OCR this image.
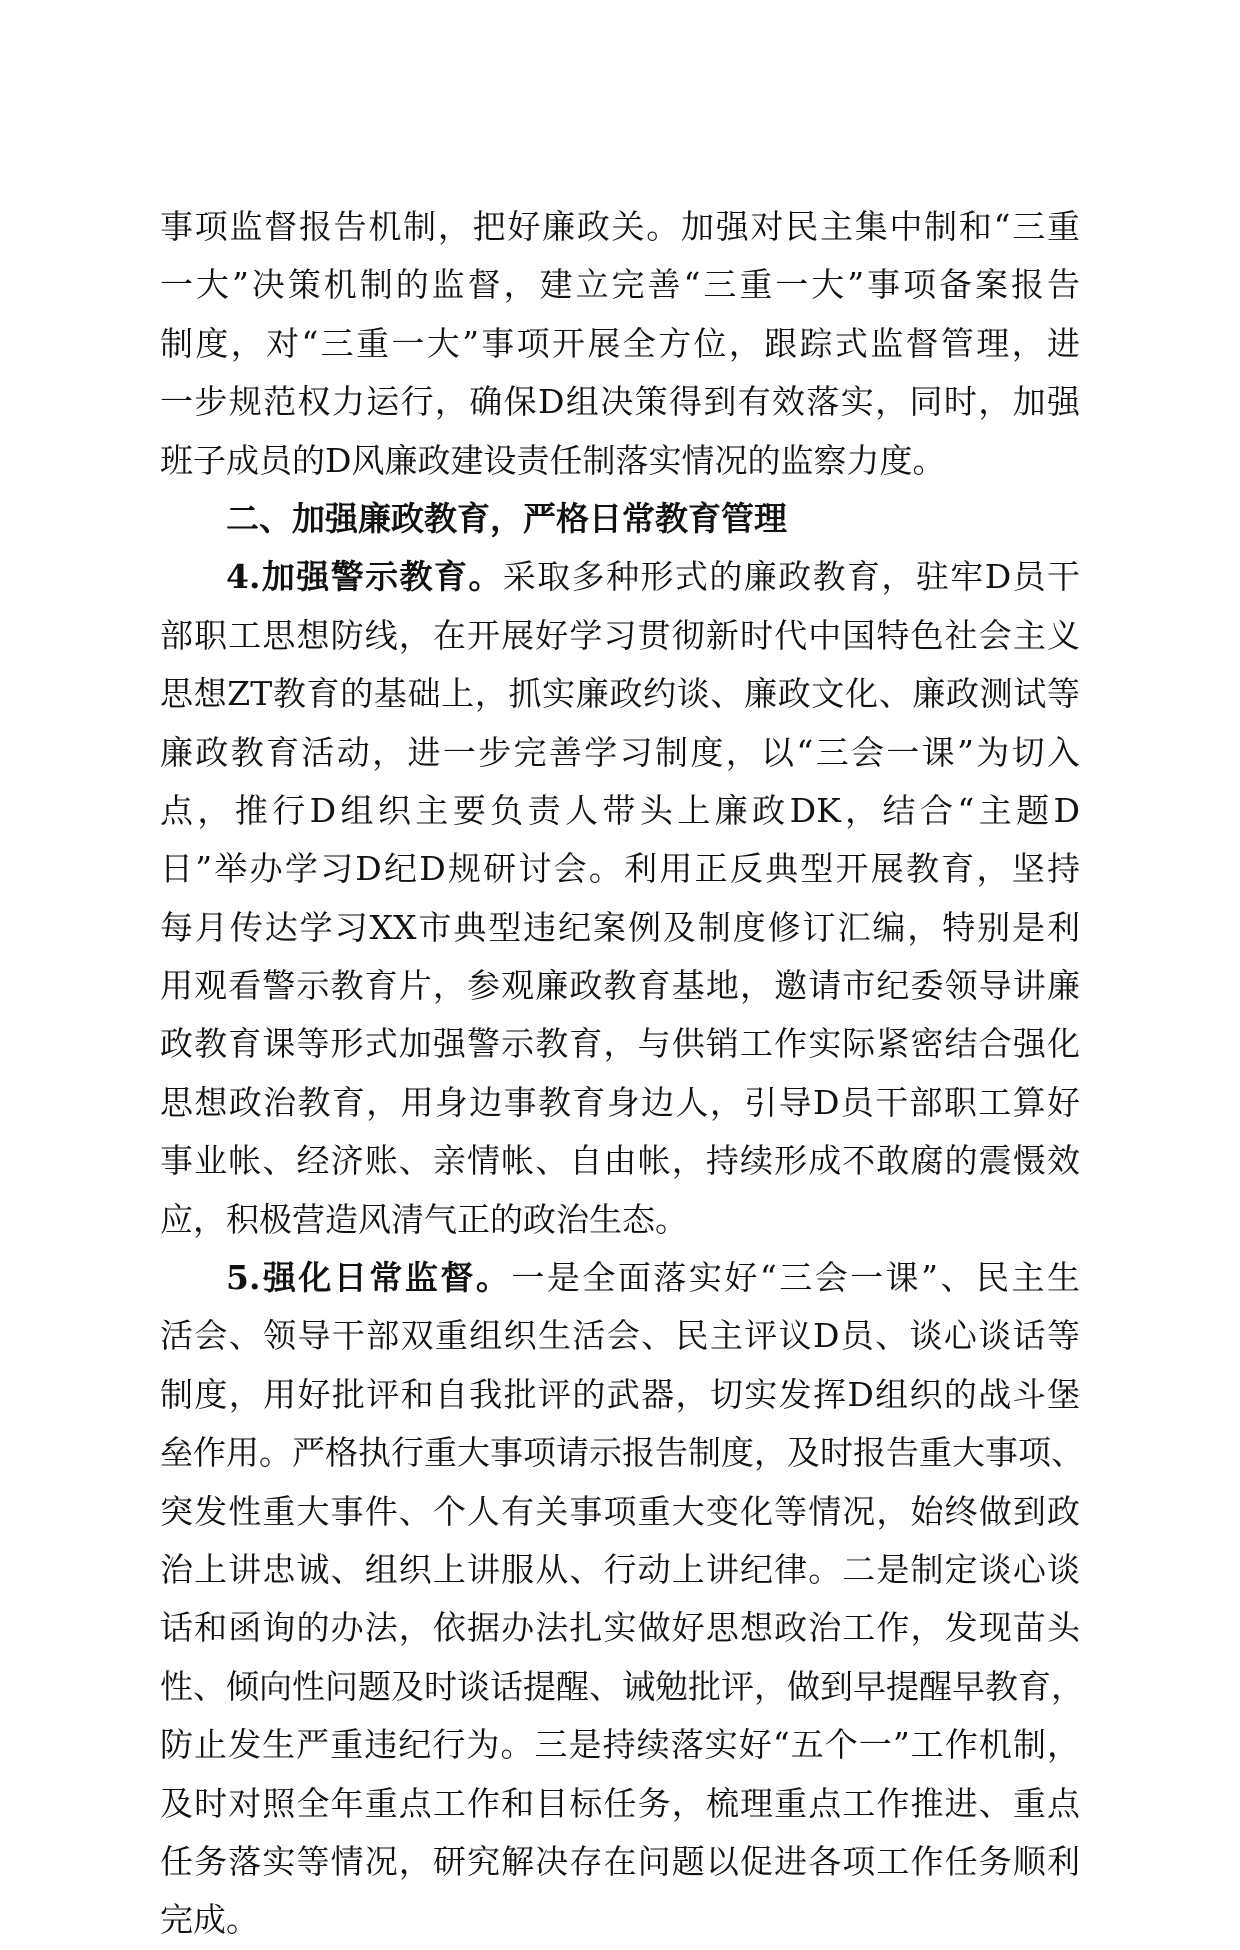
事项监督报告机制，把好廉政关。加强对民主集中制和“三重
一大”决策机制的监督，建立完善“三重一大”事项备案报告
制度，对“三重一大”事项开展全方位，跟踪式监督管理，进
一步规范权力运行，确保D组决策得到有效落实，同时，加强
班子成员的D风廉政建设责任制落实情况的监察力度。
二、加强廉政教育，严格日常教育管理
4.加强警示教育。采取多种形式的廉政教育，驻牢D员干
部职工思想防线，在开展好学习贯彻新时代中国特色社会主义
思想ZT教育的基础上，抓实廉政约谈、廉政文化、廉政测试等
廉政教育活动，进一步完善学习制度，以“三会一课”为切入
点，推行D组织主要负责人带头上廉政DK，结合“主题D
日”举办学习D纪D规研讨会。利用正反典型开展教育，坚持
每月传达学习XX市典型违纪案例及制度修订汇编，特别是利
用观看警示教育片，参观廉政教育基地，邀请市纪委领导讲廉
政教育课等形式加强警示教育，与供销工作实际紧密结合强化
思想政治教育，用身边事教育身边人，引导D员干部职工算好
事业帐、经济账、亲情帐、自由帐，持续形成不敢腐的震慑效
应，积极营造风清气正的政治生态。
5.强化日常监督。一是全面落实好“三会一课”、民主生
活会、领导干部双重组织生活会、民主评议D员、谈心谈话等
制度，用好批评和自我批评的武器，切实发挥D组织的战斗堡
垒作用。严格执行重大事项请示报告制度，及时报告重大事项、
突发性重大事件、个人有关事项重大变化等情况，始终做到政
治上讲忠诚、组织上讲服从、行动上讲纪律。二是制定谈心谈
话和函询的办法，依据办法扎实做好思想政治工作，发现苗头
性、倾向性问题及时谈话提醒、诫勉批评，做到早提醒早教育，
防止发生严重违纪行为。三是持续落实好“五个一”工作机制，
及时对照全年重点工作和目标任务，梳理重点工作推进、重点
任务落实等情况，研究解决存在问题以促进各项工作任务顺利
完成。
